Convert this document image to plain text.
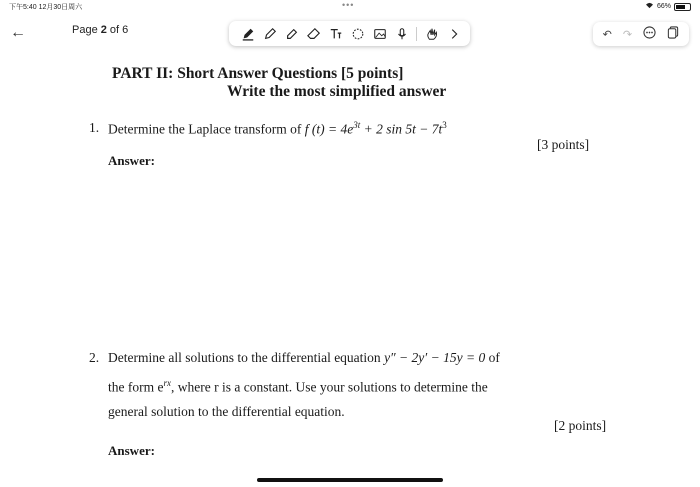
下午5:40 12月30日周六	•••	66%
←	Page 2 of 6	↶ ↷
PART II: Short Answer Questions [5 points]
Write the most simplified answer
1. Determine the Laplace transform of f $(t) = 4e^{3t} + 2$ $\sin 5t - 7t^3$
[3 points]
Answer:
2. Determine all solutions to the differential equation y″ − 2y′ − 15y = 0 of
the form $e^{rx}$, where r is a constant. Use your solutions to determine the
general solution to the differential equation.
[2 points]
Answer:
